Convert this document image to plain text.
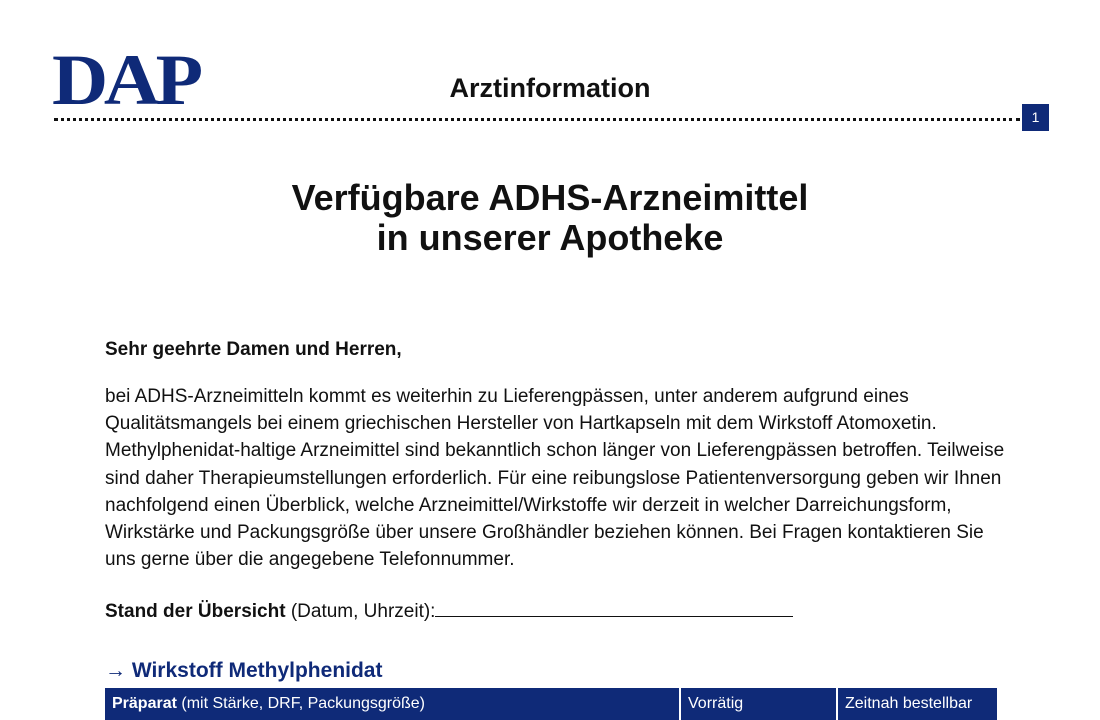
DAP	Arztinformation
1
Verfügbare ADHS-Arzneimittel
in unserer Apotheke
Sehr geehrte Damen und Herren,

bei ADHS-Arzneimitteln kommt es weiterhin zu Lieferengpässen, unter anderem aufgrund eines Qualitätsmangels bei einem griechischen Hersteller von Hartkapseln mit dem Wirkstoff Atomoxetin. Methylphenidat-haltige Arzneimittel sind bekanntlich schon länger von Lieferengpässen betroffen. Teilweise sind daher Therapieumstellungen erforderlich. Für eine reibungslose Patientenversorgung geben wir Ihnen nachfolgend einen Überblick, welche Arzneimittel/Wirkstoffe wir derzeit in welcher Darreichungsform, Wirkstärke und Packungsgröße über unsere Großhändler beziehen können. Bei Fragen kontaktieren Sie uns gerne über die angegebene Telefonnummer.

Stand der Übersicht (Datum, Uhrzeit):
→ Wirkstoff Methylphenidat
Präparat (mit Stärke, DRF, Packungsgröße)	Vorrätig	Zeitnah bestellbar
